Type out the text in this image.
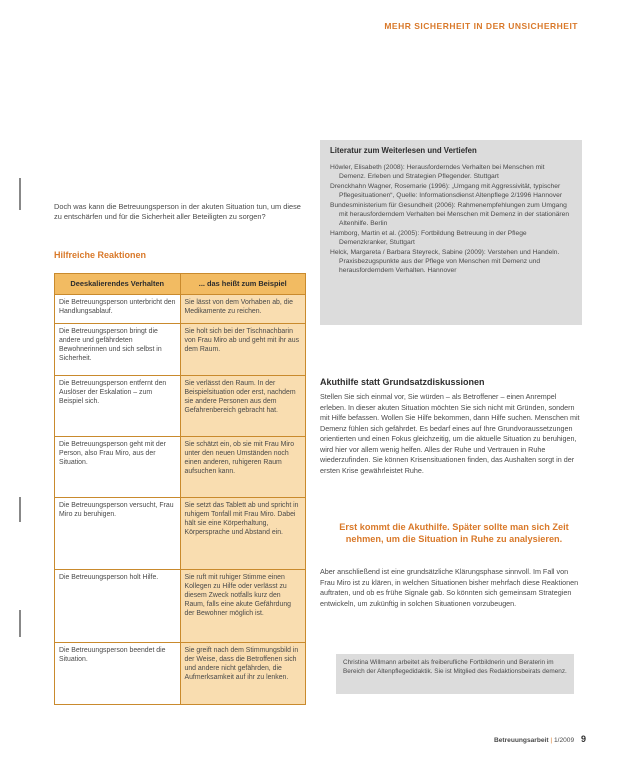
MEHR SICHERHEIT IN DER UNSICHERHEIT

Doch was kann die Betreuungsperson in der akuten Situation tun, um diese zu entschärfen und für die Sicherheit aller Beteiligten zu sorgen?

Hilfreiche Reaktionen
Deeskalierendes Verhalten	... das heißt zum Beispiel
Die Betreuungsperson unterbricht den Handlungsablauf.	Sie lässt von dem Vorhaben ab, die Medikamente zu reichen.
Die Betreuungsperson bringt die andere und gefährdeten Bewohnerinnen und sich selbst in Sicherheit.	Sie holt sich bei der Tischnachbarin von Frau Miro ab und geht mit ihr aus dem Raum.
Die Betreuungsperson entfernt den Auslöser der Eskalation – zum Beispiel sich.	Sie verlässt den Raum. In der Beispielsituation oder erst, nachdem sie andere Personen aus dem Gefahrenbereich gebracht hat.
Die Betreuungsperson geht mit der Person, also Frau Miro, aus der Situation.	Sie schätzt ein, ob sie mit Frau Miro unter den neuen Umständen noch einen anderen, ruhigeren Raum aufsuchen kann.
Die Betreuungsperson versucht, Frau Miro zu beruhigen.	Sie setzt das Tablett ab und spricht in ruhigem Tonfall mit Frau Miro. Dabei hält sie eine Körperhaltung, Körpersprache und Abstand ein.
Die Betreuungsperson holt Hilfe.	Sie ruft mit ruhiger Stimme einen Kollegen zu Hilfe oder verlässt zu diesem Zweck notfalls kurz den Raum, falls eine akute Gefährdung der Bewohner möglich ist.
Die Betreuungsperson beendet die Situation.	Sie greift nach dem Stimmungsbild in der Weise, dass die Betroffenen sich und andere nicht gefährden, die Aufmerksamkeit auf ihr zu lenken.
Literatur zum Weiterlesen und Vertiefen

Höwler, Elisabeth (2008): Herausforderndes Verhalten bei Menschen mit Demenz. Erleben und Strategien Pflegender. Stuttgart

Drenckhahn Wagner, Rosemarie (1996): „Umgang mit Aggressivität, typischer Pflegesituationen“, Quelle: Informationsdienst Altenpflege 2/1996 Hannover

Bundesministerium für Gesundheit (2006): Rahmenempfehlungen zum Umgang mit herausforderndem Verhalten bei Menschen mit Demenz in der stationären Altenhilfe. Berlin

Hamborg, Martin et al. (2005): Fortbildung Betreuung in der Pflege Demenzkranker, Stuttgart

Helck, Margareta / Barbara Steyreck, Sabine (2009): Verstehen und Handeln. Praxisbezugspunkte aus der Pflege von Menschen mit Demenz und herausforderndem Verhalten. Hannover

Akuthilfe statt Grundsatzdiskussionen

Stellen Sie sich einmal vor, Sie würden – als Betroffener – einen Anrempel erleben. In dieser akuten Situation möchten Sie sich nicht mit Gründen, sondern mit Hilfe befassen. Wollen Sie Hilfe bekommen, dann Hilfe suchen. Menschen mit Demenz fühlen sich gefährdet. Es bedarf eines auf Ihre Grundvoraussetzungen orientierten und einen Fokus gleichzeitig, um die aktuelle Situation zu beruhigen, wird hier vor allem wenig helfen. Alles der Ruhe und Vertrauen in Ruhe wiederzufinden. Sie können Krisensituationen finden, das Aushalten sorgt in der ersten Krise gewährleistet Ruhe.

Erst kommt die Akuthilfe. Später sollte man sich Zeit nehmen, um die Situation in Ruhe zu analysieren.

Aber anschließend ist eine grundsätzliche Klärungsphase sinnvoll. Im Fall von Frau Miro ist zu klären, in welchen Situationen bisher mehrfach diese Reaktionen auftraten, und ob es frühe Signale gab. So könnten sich gemeinsam Strategien entwickeln, um zukünftig in solchen Situationen vorzubeugen.

Christina Willmann arbeitet als freiberufliche Fortbildnerin und Beraterin im Bereich der Altenpflegedidaktik. Sie ist Mitglied des Redaktionsbeirats demenz.
Betreuungsarbeit | 1/2009 9
